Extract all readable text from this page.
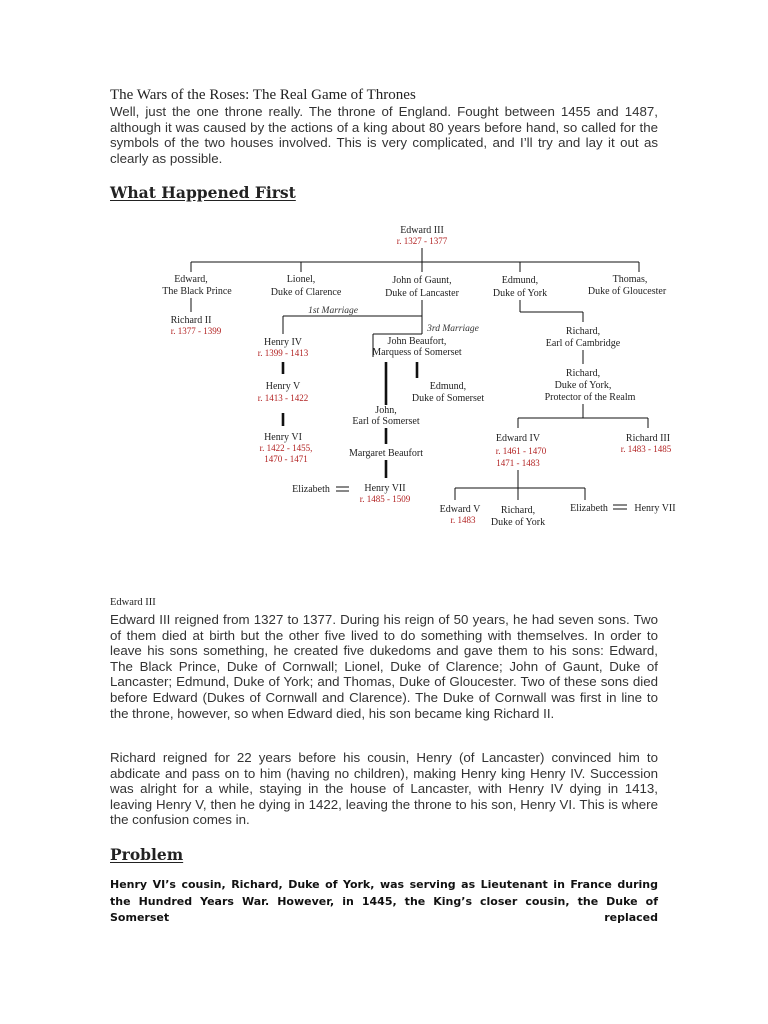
The Wars of the Roses: The Real Game of Thrones

Well, just the one throne really. The throne of England. Fought between 1455 and 1487, although it was caused by the actions of a king about 80 years before hand, so called for the symbols of the two houses involved. This is very complicated, and I’ll try and lay it out as clearly as possible.

What Happened First
Edward III
r. 1327 - 1377
Edward,
The Black Prince
Lionel,
Duke of Clarence
John of Gaunt,
Duke of Lancaster
Edmund,
Duke of York
Thomas,
Duke of Gloucester
Richard II
r. 1377 - 1399
1st Marriage
3rd Marriage
Henry IV
r. 1399 - 1413
John Beaufort,
Marquess of Somerset
Richard,
Earl of Cambridge
Henry V
r. 1413 - 1422
Edmund,
Duke of Somerset
Richard,
Duke of York,
Protector of the Realm
John,
Earl of Somerset
Henry VI
r. 1422 - 1455,
1470 - 1471	Margaret Beaufort
Edward IV
r. 1461 - 1470
1471 - 1483
Richard III
r. 1483 - 1485
Elizabeth	Henry VII
r. 1485 - 1509
Edward V
r. 1483
Richard,
Duke of York
Elizabeth	Henry VII
Edward III

Edward III reigned from 1327 to 1377. During his reign of 50 years, he had seven sons. Two of them died at birth but the other five lived to do something with themselves. In order to leave his sons something, he created five dukedoms and gave them to his sons: Edward, The Black Prince, Duke of Cornwall; Lionel, Duke of Clarence; John of Gaunt, Duke of Lancaster; Edmund, Duke of York; and Thomas, Duke of Gloucester. Two of these sons died before Edward (Dukes of Cornwall and Clarence). The Duke of Cornwall was first in line to the throne, however, so when Edward died, his son became king Richard II.

Richard reigned for 22 years before his cousin, Henry (of Lancaster) convinced him to abdicate and pass on to him (having no children), making Henry king Henry IV. Succession was alright for a while, staying in the house of Lancaster, with Henry IV dying in 1413, leaving Henry V, then he dying in 1422, leaving the throne to his son, Henry VI. This is where the confusion comes in.

Problem

Henry VI’s cousin, Richard, Duke of York, was serving as Lieutenant in France during the Hundred Years War. However, in 1445, the King’s closer cousin, the Duke of Somerset replaced
